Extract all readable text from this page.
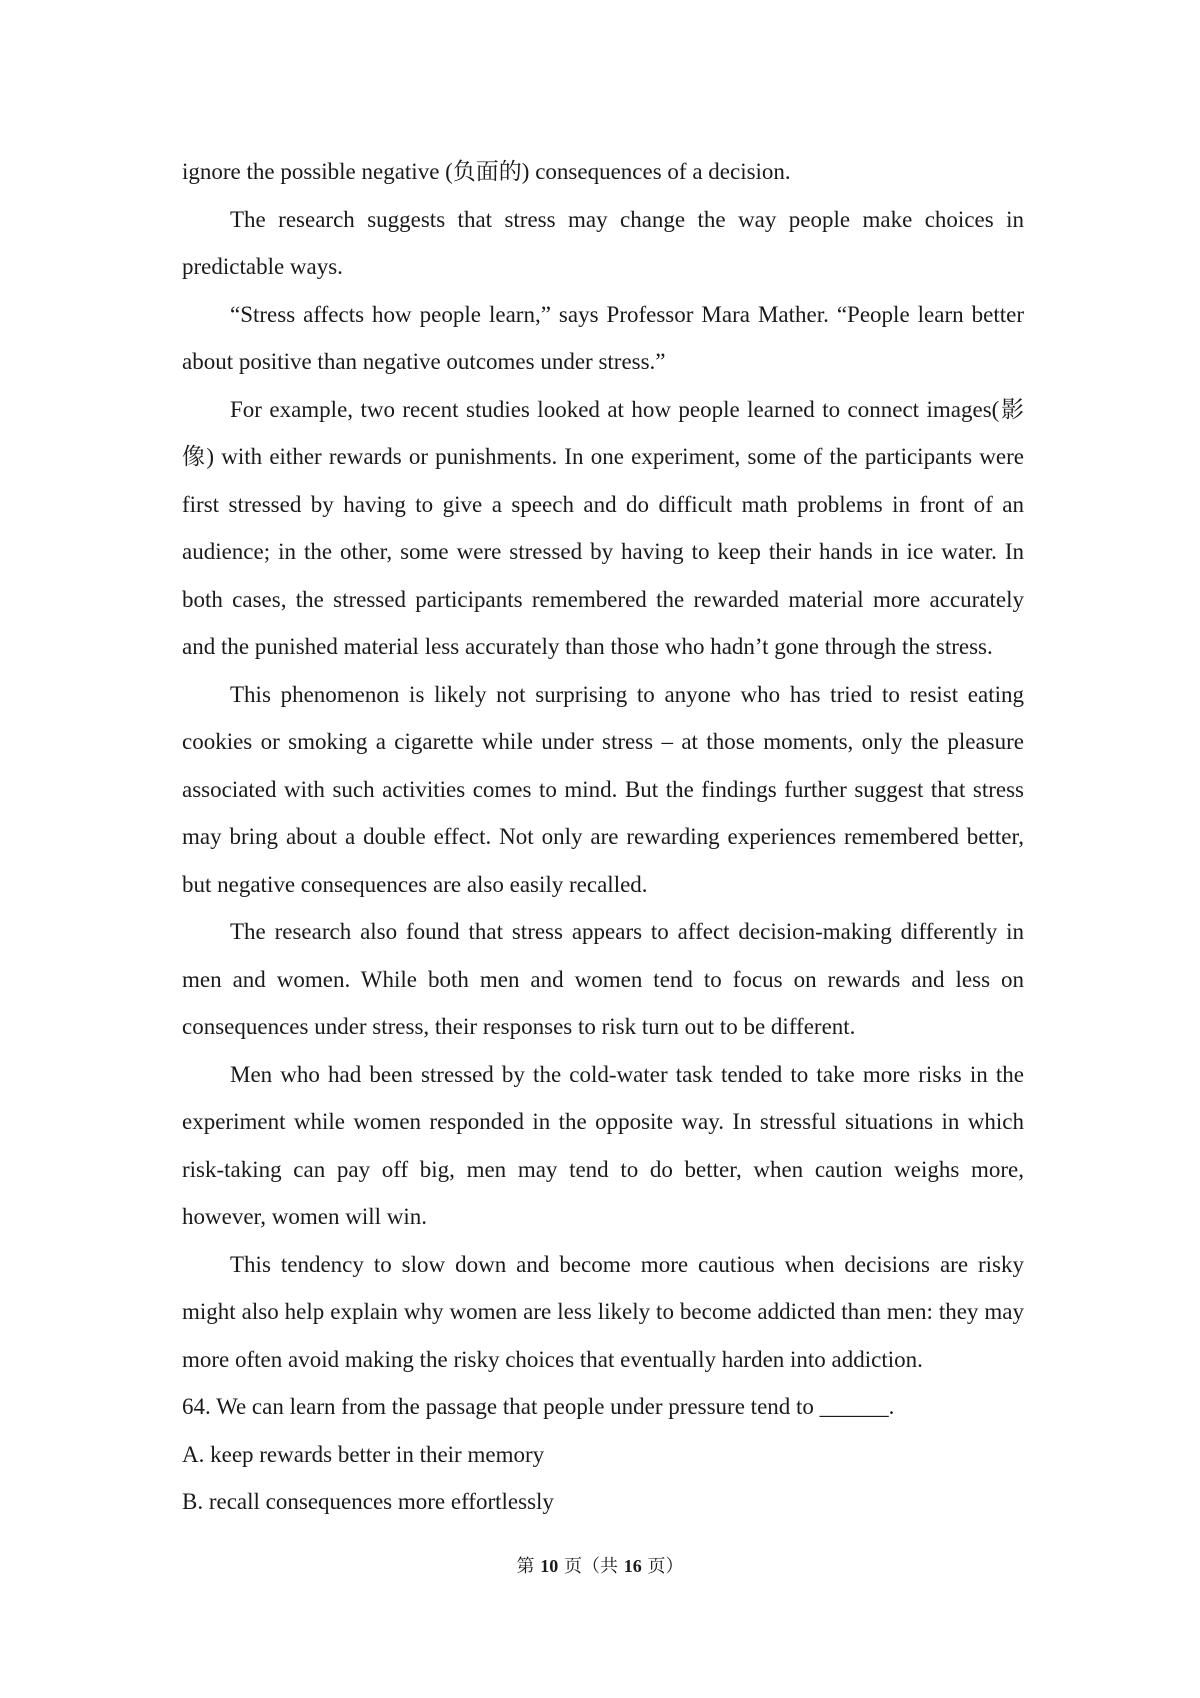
ignore the possible negative (负面的) consequences of a decision.

The research suggests that stress may change the way people make choices in predictable ways.

“Stress affects how people learn,” says Professor Mara Mather. “People learn better about positive than negative outcomes under stress.”

For example, two recent studies looked at how people learned to connect images(影像) with either rewards or punishments. In one experiment, some of the participants were first stressed by having to give a speech and do difficult math problems in front of an audience; in the other, some were stressed by having to keep their hands in ice water. In both cases, the stressed participants remembered the rewarded material more accurately and the punished material less accurately than those who hadn’t gone through the stress.

This phenomenon is likely not surprising to anyone who has tried to resist eating cookies or smoking a cigarette while under stress – at those moments, only the pleasure associated with such activities comes to mind. But the findings further suggest that stress may bring about a double effect. Not only are rewarding experiences remembered better, but negative consequences are also easily recalled.

The research also found that stress appears to affect decision-making differently in men and women. While both men and women tend to focus on rewards and less on consequences under stress, their responses to risk turn out to be different.

Men who had been stressed by the cold-water task tended to take more risks in the experiment while women responded in the opposite way. In stressful situations in which risk-taking can pay off big, men may tend to do better, when caution weighs more, however, women will win.

This tendency to slow down and become more cautious when decisions are risky might also help explain why women are less likely to become addicted than men: they may more often avoid making the risky choices that eventually harden into addiction.

64. We can learn from the passage that people under pressure tend to ______.

A. keep rewards better in their memory

B. recall consequences more effortlessly

第 10 页（共 16 页）
